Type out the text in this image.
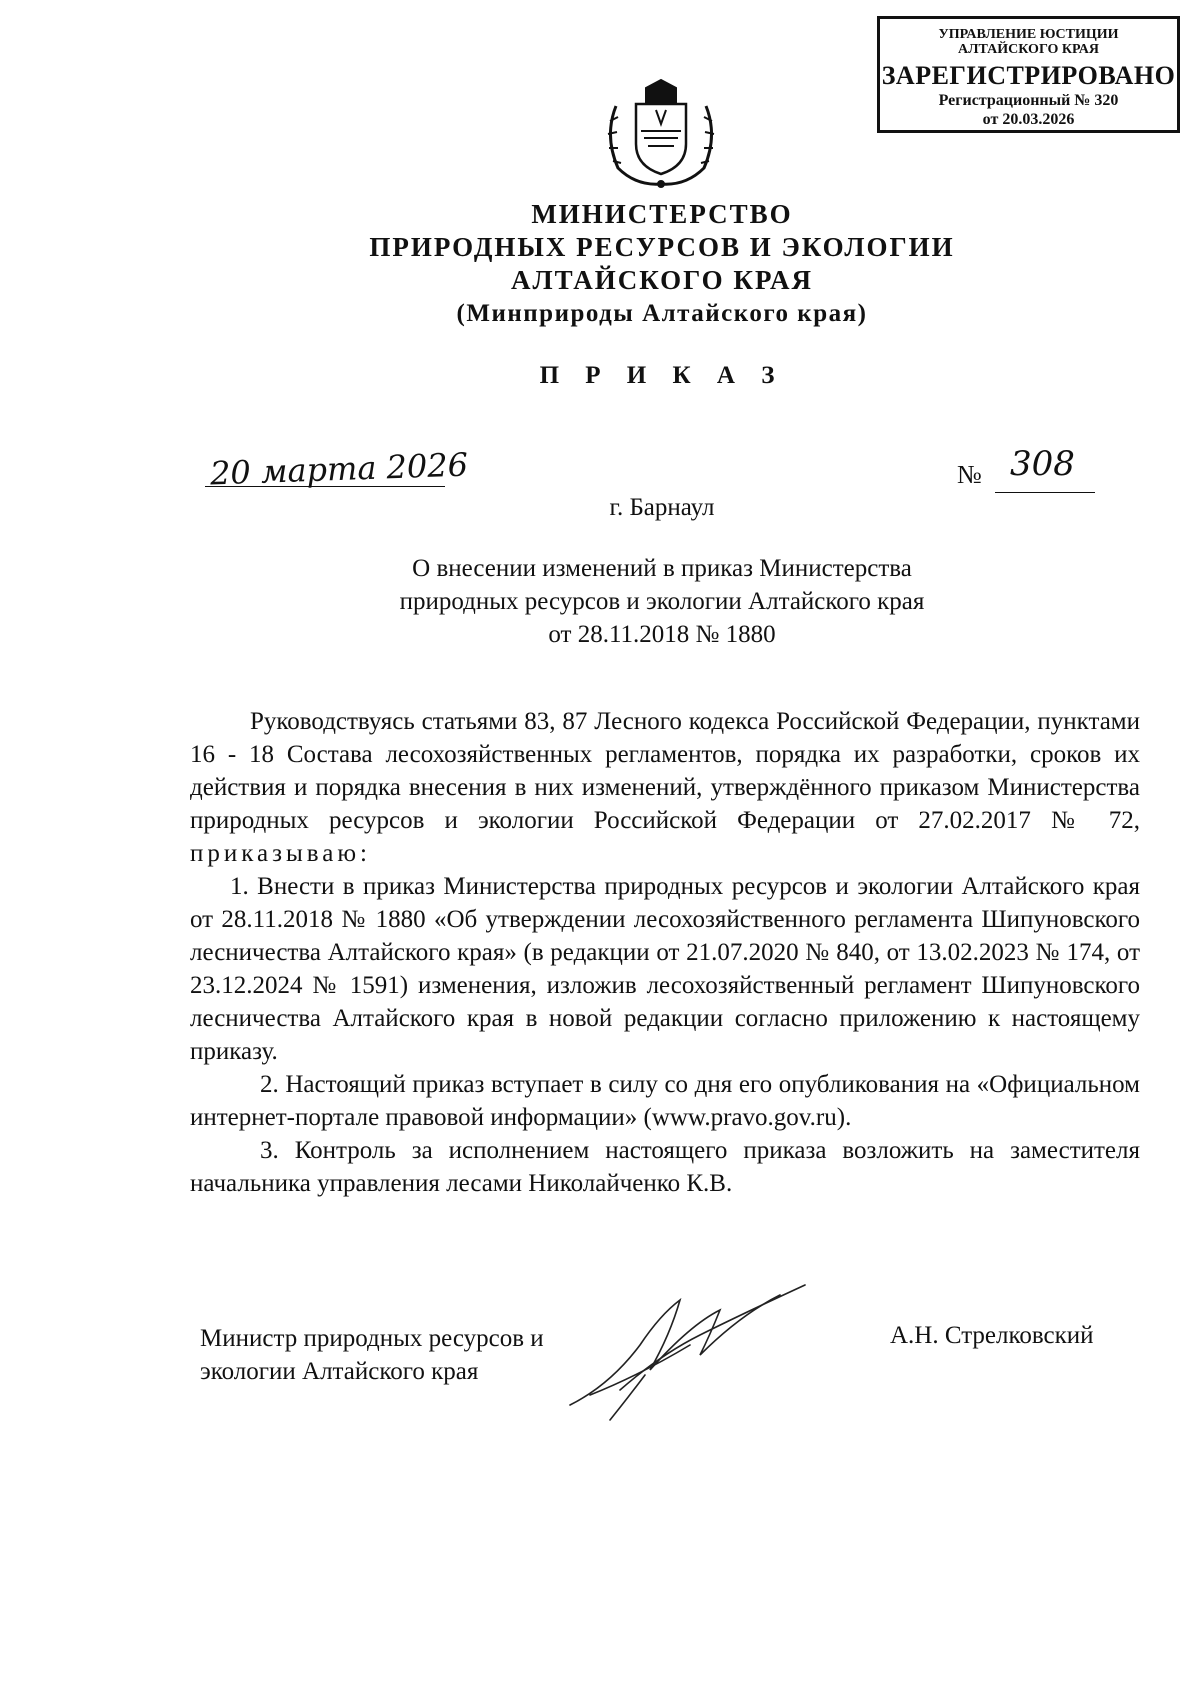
УПРАВЛЕНИЕ ЮСТИЦИИ
АЛТАЙСКОГО КРАЯ
ЗАРЕГИСТРИРОВАНО
Регистрационный № 320
от 20.03.2026
МИНИСТЕРСТВО
ПРИРОДНЫХ РЕСУРСОВ И ЭКОЛОГИИ
АЛТАЙСКОГО КРАЯ
(Минприроды Алтайского края)
П Р И К А З
20 марта 2026	№ 308
г. Барнаул
О внесении изменений в приказ Министерства
природных ресурсов и экологии Алтайского края
от 28.11.2018 № 1880

Руководствуясь статьями 83, 87 Лесного кодекса Российской Федерации, пунктами 16 - 18 Состава лесохозяйственных регламентов, порядка их разработки, сроков их действия и порядка внесения в них изменений, утверждённого приказом Министерства природных ресурсов и экологии Российской Федерации от 27.02.2017 № 72, приказываю:

1. Внести в приказ Министерства природных ресурсов и экологии Алтайского края от 28.11.2018 № 1880 «Об утверждении лесохозяйственного регламента Шипуновского лесничества Алтайского края» (в редакции от 21.07.2020 № 840, от 13.02.2023 № 174, от 23.12.2024 № 1591) изменения, изложив лесохозяйственный регламент Шипуновского лесничества Алтайского края в новой редакции согласно приложению к настоящему приказу.

2. Настоящий приказ вступает в силу со дня его опубликования на «Официальном интернет-портале правовой информации» (www.pravo.gov.ru).

3. Контроль за исполнением настоящего приказа возложить на заместителя начальника управления лесами Николайченко К.В.

Министр природных ресурсов и
экологии Алтайского края
А.Н. Стрелковский
